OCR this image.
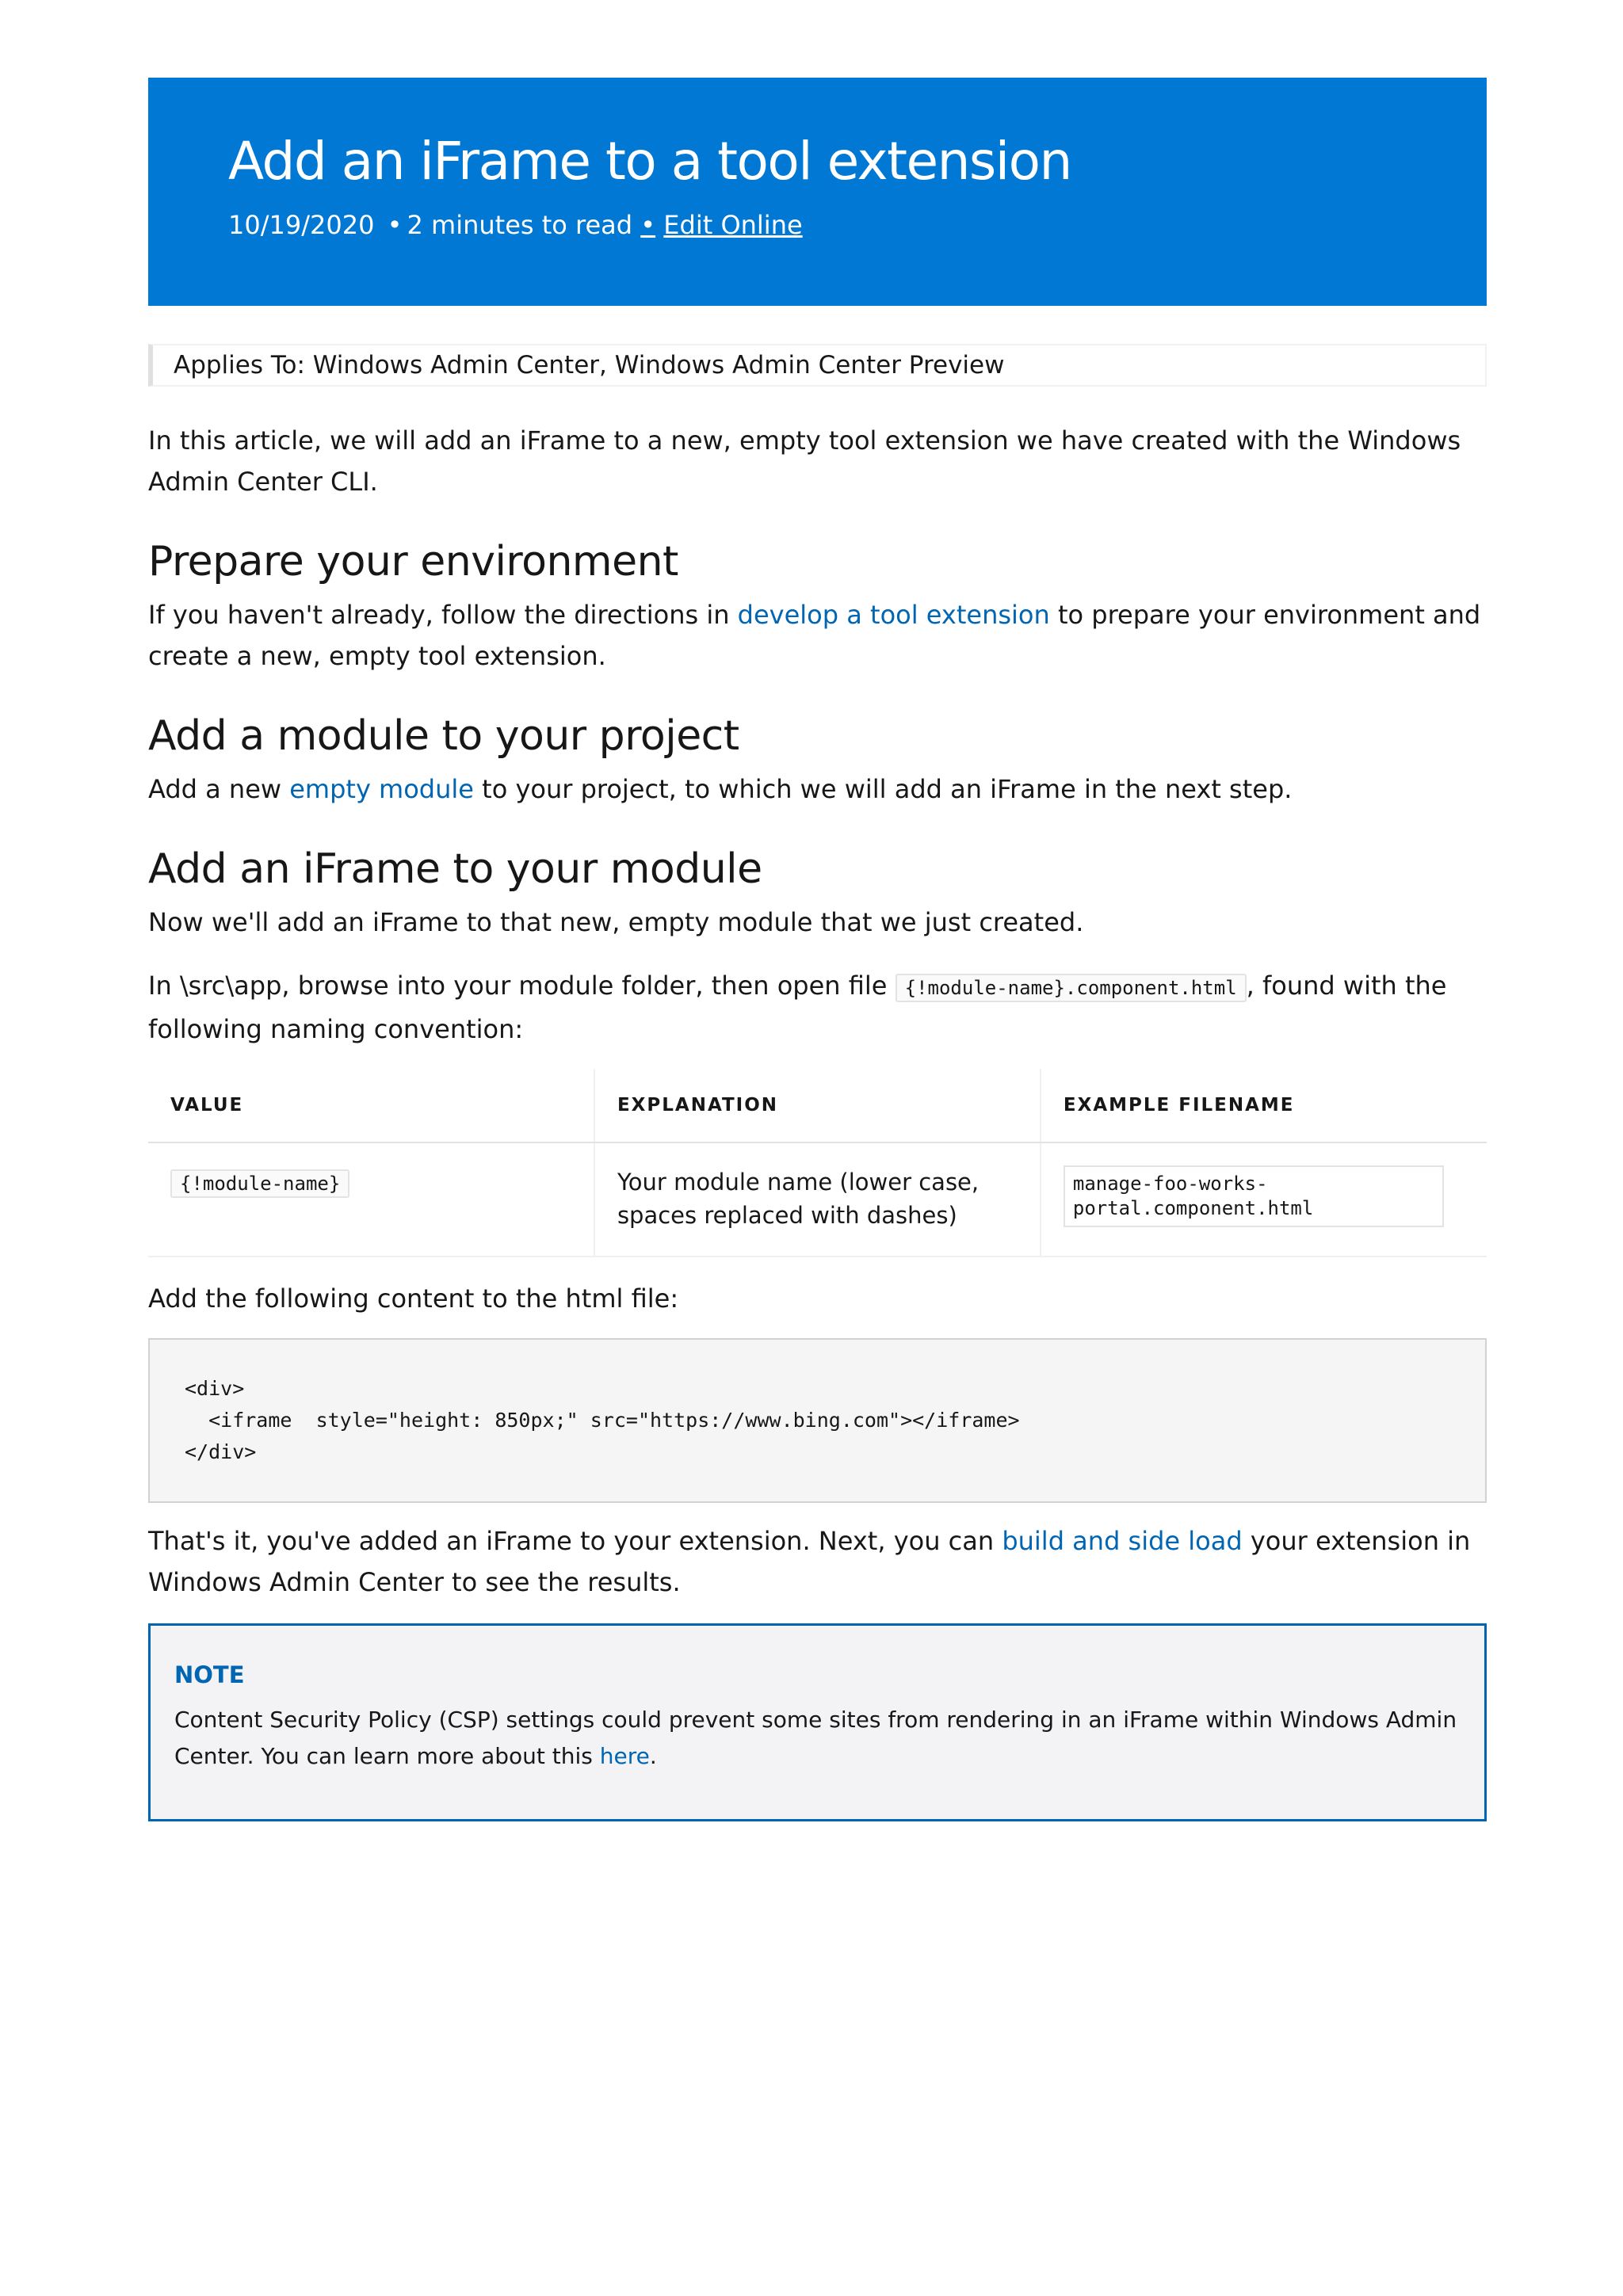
Add an iFrame to a tool extension
10/19/2020 • 2 minutes to read • Edit Online
Applies To: Windows Admin Center, Windows Admin Center Preview

In this article, we will add an iFrame to a new, empty tool extension we have created with the Windows Admin Center CLI.

Prepare your environment

If you haven't already, follow the directions in develop a tool extension to prepare your environment and create a new, empty tool extension.

Add a module to your project

Add a new empty module to your project, to which we will add an iFrame in the next step.

Add an iFrame to your module

Now we'll add an iFrame to that new, empty module that we just created.

In \src\app, browse into your module folder, then open file {!module-name}.component.html , found with the following naming convention:

VALUE	EXPLANATION	EXAMPLE FILENAME
{!module-name}	Your module name (lower case, spaces replaced with dashes)	manage-foo-works-portal.component.html

Add the following content to the html file:

<div>
<iframe  style="height: 850px;" src="https://www.bing.com"></iframe>
</div>

That's it, you've added an iFrame to your extension. Next, you can build and side load your extension in Windows Admin Center to see the results.

NOTE
Content Security Policy (CSP) settings could prevent some sites from rendering in an iFrame within Windows Admin Center. You can learn more about this here.
